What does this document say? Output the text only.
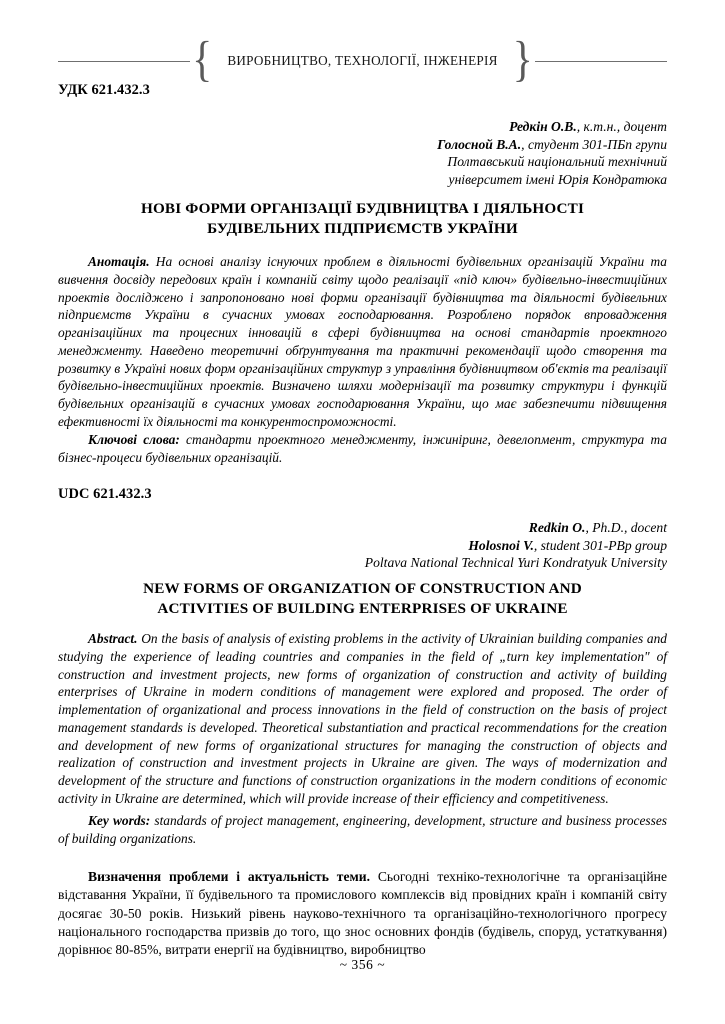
{	ВИРОБНИЦТВО, ТЕХНОЛОГІЇ, ІНЖЕНЕРІЯ }
УДК 621.432.3
Редкін О.В., к.т.н., доцент
Голосной В.А., студент 301-ПБп групи
Полтавський національний технічний
університет імені Юрія Кондратюка
НОВІ ФОРМИ ОРГАНІЗАЦІЇ БУДІВНИЦТВА І ДІЯЛЬНОСТІ
БУДІВЕЛЬНИХ ПІДПРИЄМСТВ УКРАЇНИ
Анотація. На основі аналізу існуючих проблем в діяльності будівельних організацій України та вивчення досвіду передових країн і компаній світу щодо реалізації «під ключ» будівельно-інвестиційних проектів досліджено і запропоновано нові форми організації будівництва та діяльності будівельних підприємств України в сучасних умовах господарювання. Розроблено порядок впровадження організаційних та процесних інновацій в сфері будівництва на основі стандартів проектного менеджменту. Наведено теоретичні обґрунтування та практичні рекомендації щодо створення та розвитку в Україні нових форм організаційних структур з управління будівництвом об'єктів та реалізації будівельно-інвестиційних проектів. Визначено шляхи модернізації та розвитку структури і функцій будівельних організацій в сучасних умовах господарювання України, що має забезпечити підвищення ефективності їх діяльності та конкурентоспроможності.
Ключові слова: стандарти проектного менеджменту, інжиніринг, девелопмент, структура та бізнес-процеси будівельних організацій.
UDC 621.432.3
Redkin O., Ph.D., docent
Holosnoi V., student 301-PBp group
Poltava National Technical Yuri Kondratyuk University
NEW FORMS OF ORGANIZATION OF CONSTRUCTION AND
ACTIVITIES OF BUILDING ENTERPRISES OF UKRAINE
Abstract. On the basis of analysis of existing problems in the activity of Ukrainian building companies and studying the experience of leading countries and companies in the field of „turn key implementation" of construction and investment projects, new forms of organization of construction and activity of building enterprises of Ukraine in modern conditions of management were explored and proposed. The order of implementation of organizational and process innovations in the field of construction on the basis of project management standards is developed. Theoretical substantiation and practical recommendations for the creation and development of new forms of organizational structures for managing the construction of objects and realization of construction and investment projects in Ukraine are given. The ways of modernization and development of the structure and functions of construction organizations in the modern conditions of economic activity in Ukraine are determined, which will provide increase of their efficiency and competitiveness.
Key words: standards of project management, engineering, development, structure and business processes of building organizations.
Визначення проблеми і актуальність теми. Сьогодні техніко-технологічне та організаційне відставання України, її будівельного та промислового комплексів від провідних країн і компаній світу досягає 30-50 років. Низький рівень науково-технічного та організаційно-технологічного прогресу національного господарства призвів до того, що знос основних фондів (будівель, споруд, устаткування) дорівнює 80-85%, витрати енергії на будівництво, виробництво
~ 356 ~
